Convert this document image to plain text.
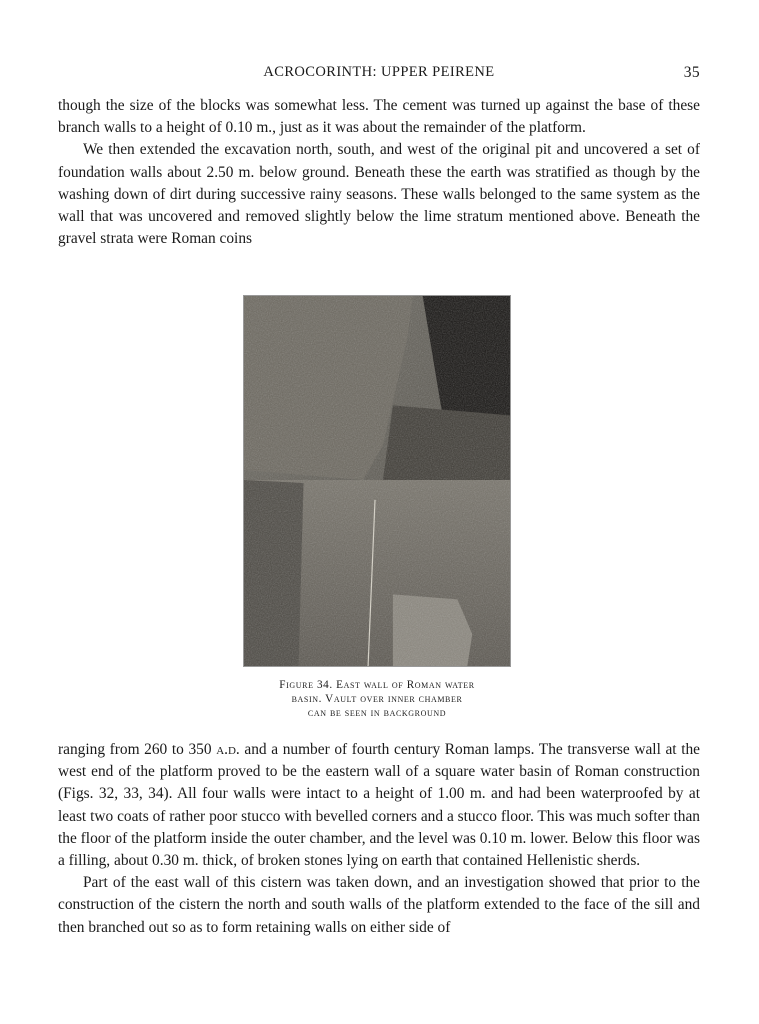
ACROCORINTH: UPPER PEIRENE	35

though the size of the blocks was somewhat less. The cement was turned up against the base of these branch walls to a height of 0.10 m., just as it was about the remainder of the platform.

We then extended the excavation north, south, and west of the original pit and uncovered a set of foundation walls about 2.50 m. below ground. Beneath these the earth was stratified as though by the washing down of dirt during successive rainy seasons. These walls belonged to the same system as the wall that was uncovered and removed slightly below the lime stratum mentioned above. Beneath the gravel strata were Roman coins

Figure 34. East wall of Roman water
basin. Vault over inner chamber
can be seen in background

ranging from 260 to 350 a.d. and a number of fourth century Roman lamps. The transverse wall at the west end of the platform proved to be the eastern wall of a square water basin of Roman construction (Figs. 32, 33, 34). All four walls were intact to a height of 1.00 m. and had been waterproofed by at least two coats of rather poor stucco with bevelled corners and a stucco floor. This was much softer than the floor of the platform inside the outer chamber, and the level was 0.10 m. lower. Below this floor was a filling, about 0.30 m. thick, of broken stones lying on earth that contained Hellenistic sherds.

Part of the east wall of this cistern was taken down, and an investigation showed that prior to the construction of the cistern the north and south walls of the platform extended to the face of the sill and then branched out so as to form retaining walls on either side of
